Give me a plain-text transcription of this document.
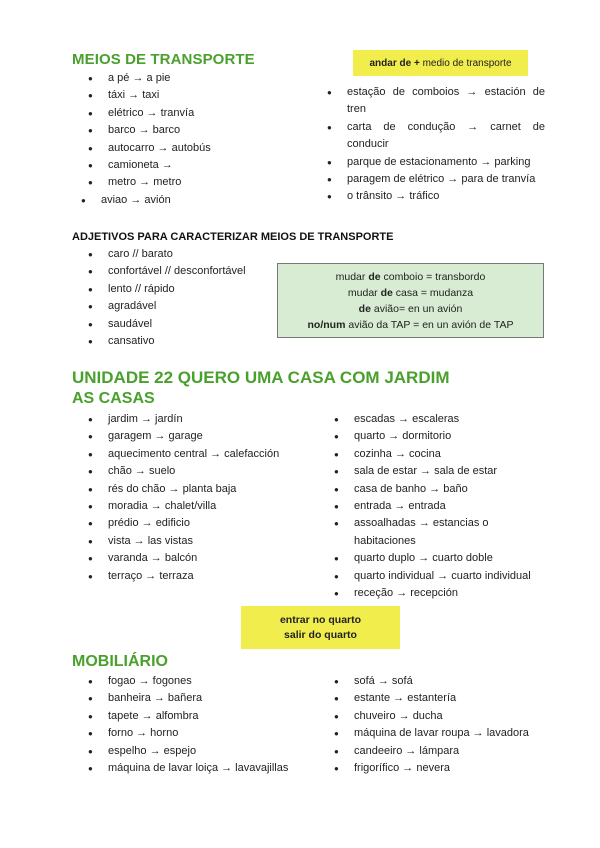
MEIOS DE TRANSPORTE	andar de + medio de transporte
● a pé → a pie
● táxi → taxi
● elétrico → tranvía
● barco → barco
● autocarro → autobús
● camioneta →
● metro → metro
● aviao → avión
● estação de comboios → estación de tren
● carta de condução → carnet de conducir
● parque de estacionamento → parking
● paragem de elétrico → para de tranvía
● o trânsito → tráfico
ADJETIVOS PARA CARACTERIZAR MEIOS DE TRANSPORTE
● caro // barato
● confortável // desconfortável
● lento // rápido
● agradável
● saudável
● cansativo
mudar de comboio = transbordo
mudar de casa = mudanza
de avião= en un avión
no/num avião da TAP = en un avión de TAP
UNIDADE 22 QUERO UMA CASA COM JARDIM
AS CASAS
● jardim → jardín
● garagem → garage
● aquecimento central → calefacción
● chão → suelo
● rés do chão → planta baja
● moradia → chalet/villa
● prédio → edificio
● vista → las vistas
● varanda → balcón
● terraço → terraza
● escadas → escaleras
● quarto → dormitorio
● cozinha → cocina
● sala de estar → sala de estar
● casa de banho → baño
● entrada → entrada
● assoalhadas → estancias o habitaciones
● quarto duplo → cuarto doble
● quarto individual → cuarto individual
● receção → recepción
entrar no quarto
salir do quarto
MOBILIÁRIO
● fogao → fogones
● banheira → bañera
● tapete → alfombra
● forno → horno
● espelho → espejo
● máquina de lavar loiça → lavavajillas
● sofá → sofá
● estante → estantería
● chuveiro → ducha
● máquina de lavar roupa → lavadora
● candeeiro → lámpara
● frigorífico → nevera
